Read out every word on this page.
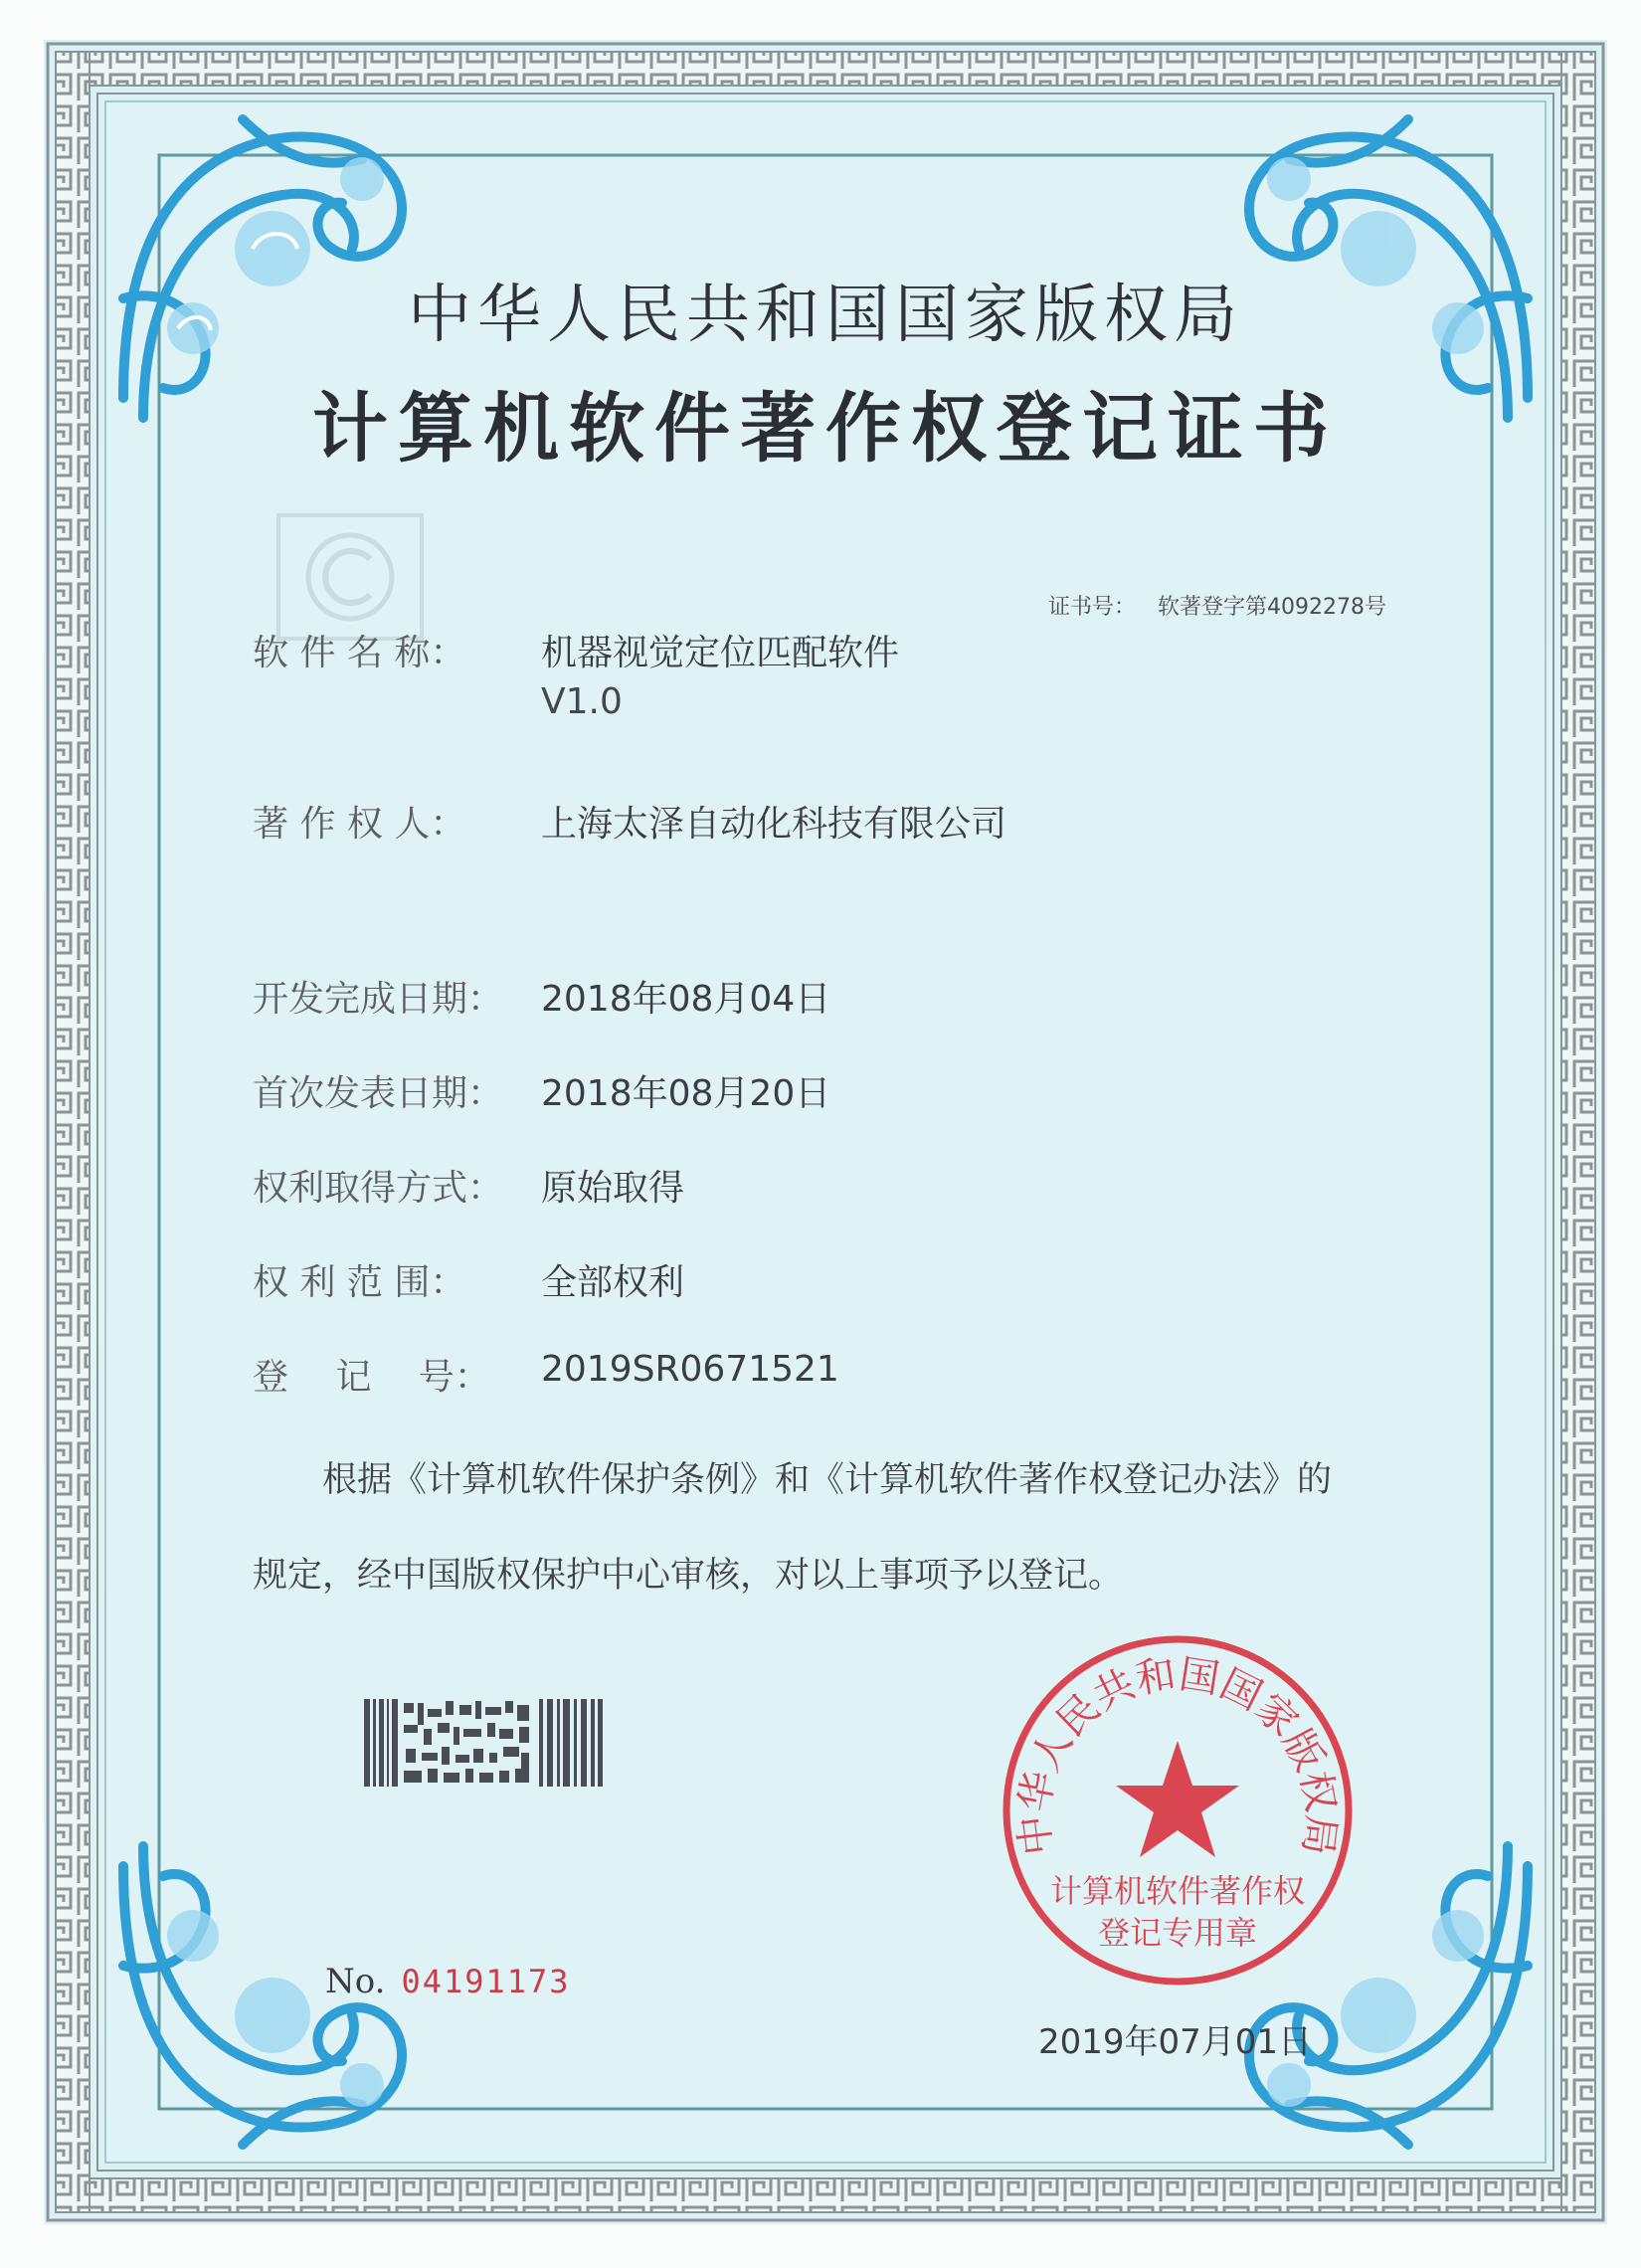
中华人民共和国国家版权局
计算机软件著作权登记证书
证书号： 软著登字第4092278号
软 件 名 称： 机器视觉定位匹配软件
V1.0
著 作 权 人： 上海太泽自动化科技有限公司
开发完成日期： 2018年08月04日
首次发表日期： 2018年08月20日
权利取得方式： 原始取得
权 利 范 围： 全部权利
登　 记 　号： 2019SR0671521
根据《计算机软件保护条例》和《计算机软件著作权登记办法》的
规定，经中国版权保护中心审核，对以上事项予以登记。
中华人民共和国国家版权局
计算机软件著作权
登记专用章
No. 04191173
2019年07月01日
